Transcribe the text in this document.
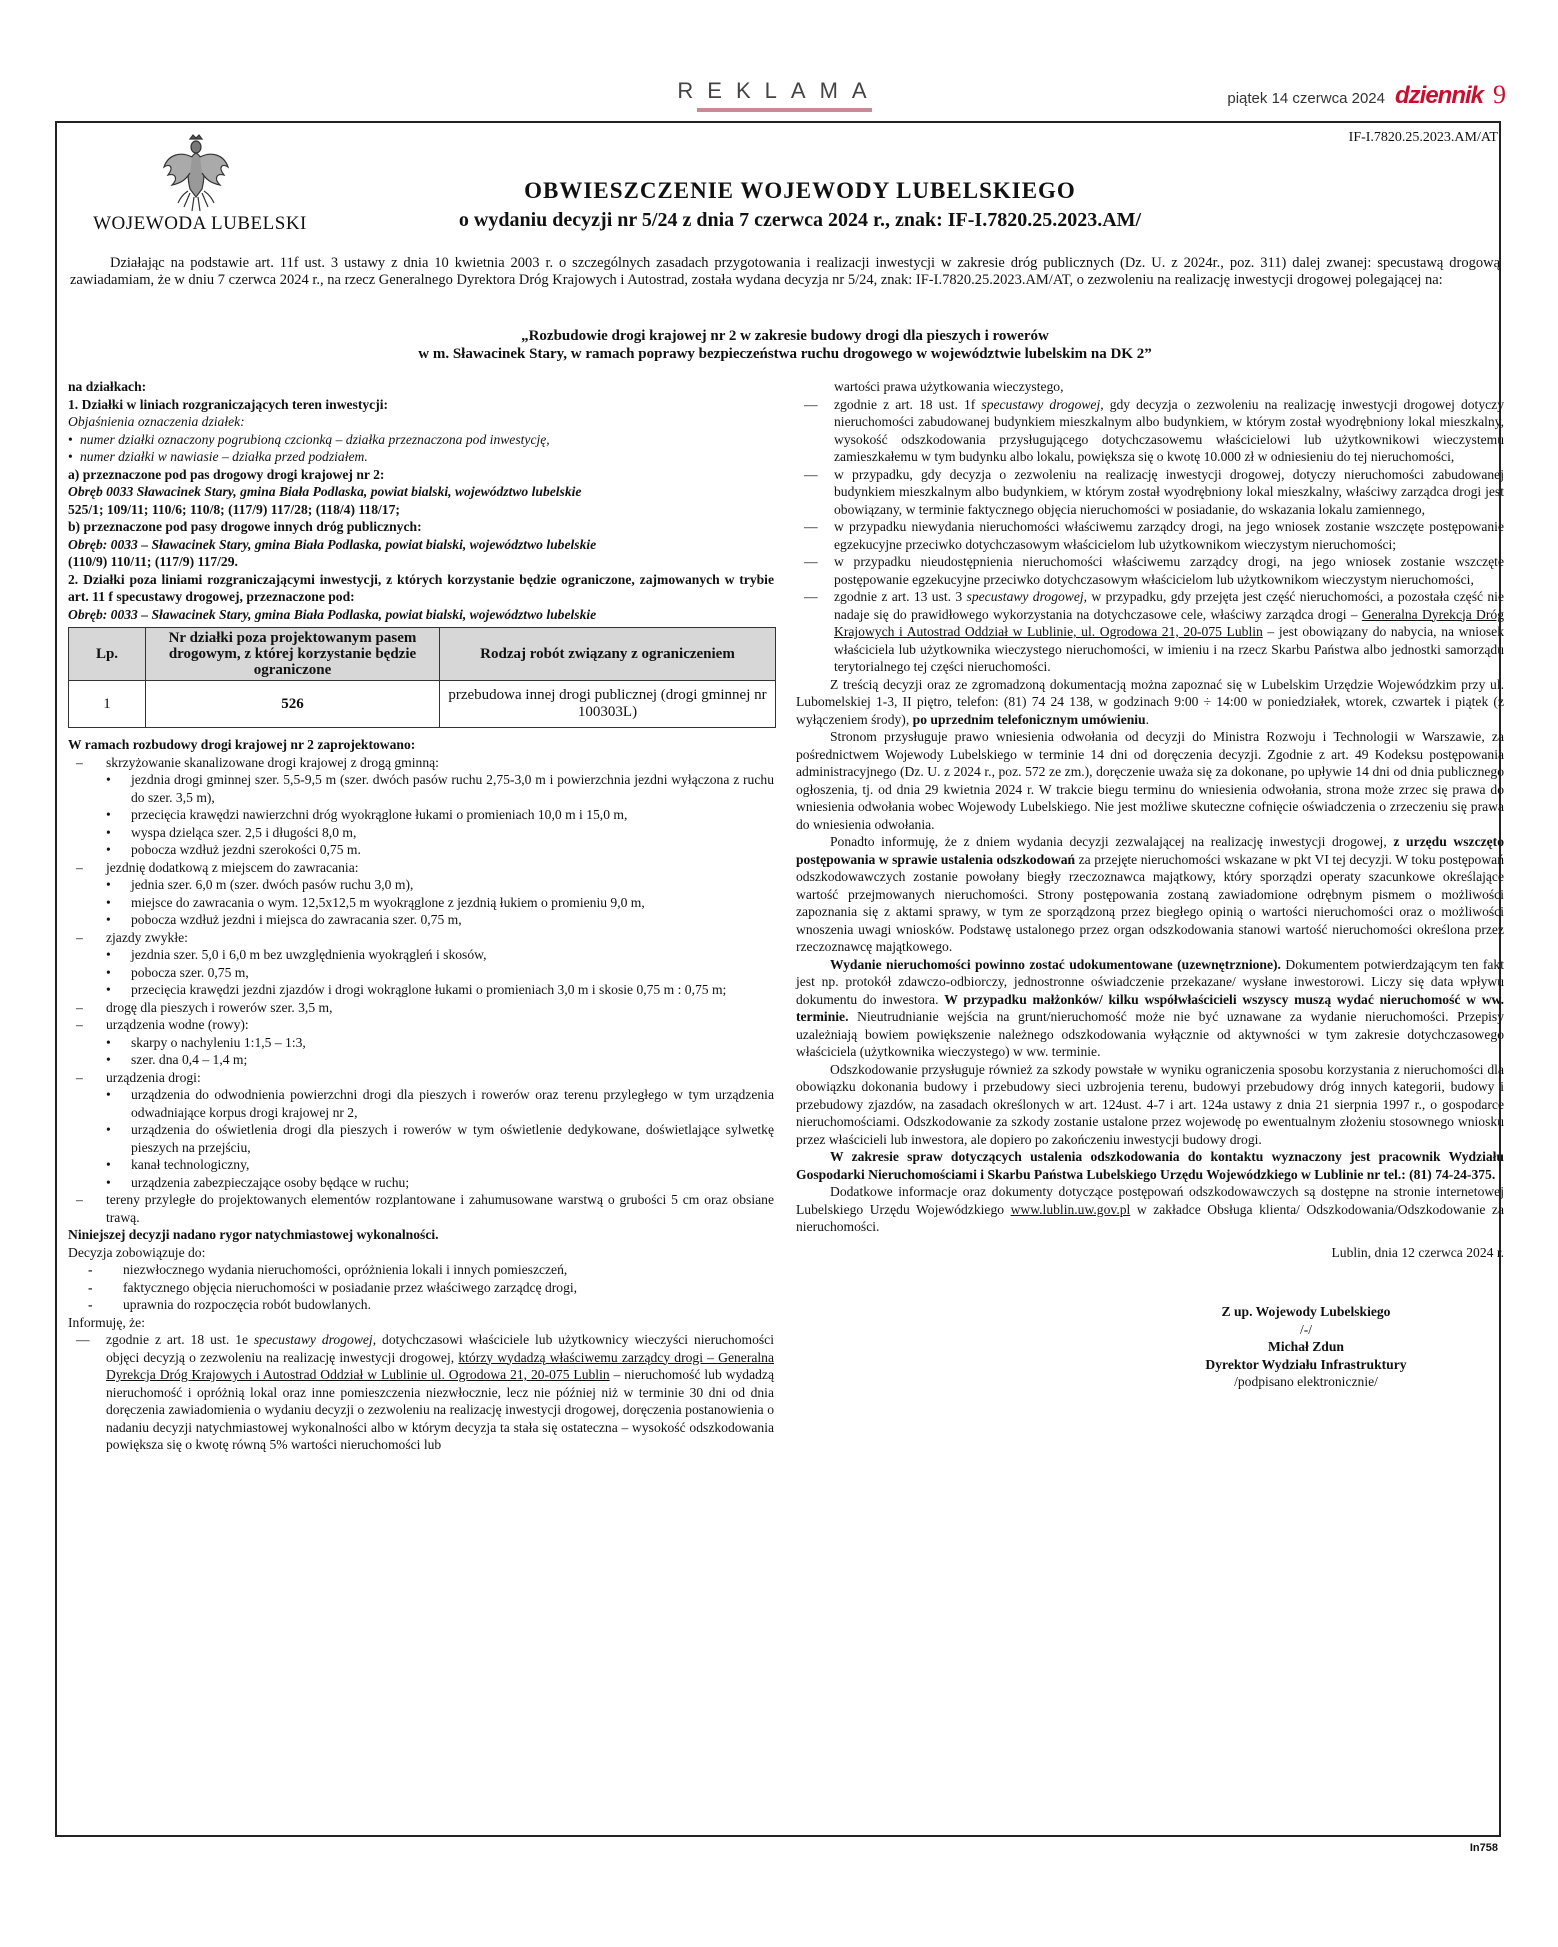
REKLAMA	piątek 14 czerwca 2024 dziennik 9
IF-I.7820.25.2023.AM/AT
WOJEWODA LUBELSKI
OBWIESZCZENIE WOJEWODY LUBELSKIEGO
o wydaniu decyzji nr 5/24 z dnia 7 czerwca 2024 r., znak: IF-I.7820.25.2023.AM/
Działając na podstawie art. 11f ust. 3 ustawy z dnia 10 kwietnia 2003 r. o szczególnych zasadach przygotowania i realizacji inwestycji w zakresie dróg publicznych (Dz. U. z 2024r., poz. 311) dalej zwanej: specustawą drogową zawiadamiam, że w dniu 7 czerwca 2024 r., na rzecz Generalnego Dyrektora Dróg Krajowych i Autostrad, została wydana decyzja nr 5/24, znak: IF-I.7820.25.2023.AM/AT, o zezwoleniu na realizację inwestycji drogowej polegającej na:
„Rozbudowie drogi krajowej nr 2 w zakresie budowy drogi dla pieszych i rowerów
w m. Sławacinek Stary, w ramach poprawy bezpieczeństwa ruchu drogowego w województwie lubelskim na DK 2”

na działkach:

1. Działki w liniach rozgraniczających teren inwestycji:

Objaśnienia oznaczenia działek:

• numer działki oznaczony pogrubioną czcionką – działka przeznaczona pod inwestycję,
• numer działki w nawiasie – działka przed podziałem.

a) przeznaczone pod pas drogowy drogi krajowej nr 2:

Obręb 0033 Sławacinek Stary, gmina Biała Podlaska, powiat bialski, województwo lubelskie

525/1; 109/11; 110/6; 110/8; (117/9) 117/28; (118/4) 118/17;

b) przeznaczone pod pasy drogowe innych dróg publicznych:

Obręb: 0033 – Sławacinek Stary, gmina Biała Podlaska, powiat bialski, województwo lubelskie

(110/9) 110/11; (117/9) 117/29.

2. Działki poza liniami rozgraniczającymi inwestycji, z których korzystanie będzie ograniczone, zajmowanych w trybie art. 11 f specustawy drogowej, przeznaczone pod:

Obręb: 0033 – Sławacinek Stary, gmina Biała Podlaska, powiat bialski, województwo lubelskie

Lp.	Nr działki poza projektowanym pasem drogowym, z której korzystanie będzie ograniczone	Rodzaj robót związany z ograniczeniem
1	526	przebudowa innej drogi publicznej (drogi gminnej nr 100303L)

W ramach rozbudowy drogi krajowej nr 2 zaprojektowano:

–	skrzyżowanie skanalizowane drogi krajowej z drogą gminną:
•	jezdnia drogi gminnej szer. 5,5-9,5 m (szer. dwóch pasów ruchu 2,75-3,0 m i powierzchnia jezdni wyłączona z ruchu do szer. 3,5 m),
•	przecięcia krawędzi nawierzchni dróg wyokrąglone łukami o promieniach 10,0 m i 15,0 m,
•	wyspa dzieląca szer. 2,5 i długości 8,0 m,
•	pobocza wzdłuż jezdni szerokości 0,75 m.
–	jezdnię dodatkową z miejscem do zawracania:
•	jednia szer. 6,0 m (szer. dwóch pasów ruchu 3,0 m),
•	miejsce do zawracania o wym. 12,5x12,5 m wyokrąglone z jezdnią łukiem o promieniu 9,0 m,
•	pobocza wzdłuż jezdni i miejsca do zawracania szer. 0,75 m,
–	zjazdy zwykłe:
•	jezdnia szer. 5,0 i 6,0 m bez uwzględnienia wyokrągleń i skosów,
•	pobocza szer. 0,75 m,
•	przecięcia krawędzi jezdni zjazdów i drogi wokrąglone łukami o promieniach 3,0 m i skosie 0,75 m : 0,75 m;
–	drogę dla pieszych i rowerów szer. 3,5 m,
–	urządzenia wodne (rowy):
•	skarpy o nachyleniu 1:1,5 – 1:3,
•	szer. dna 0,4 – 1,4 m;
–	urządzenia drogi:
•	urządzenia do odwodnienia powierzchni drogi dla pieszych i rowerów oraz terenu przyległego w tym urządzenia odwadniające korpus drogi krajowej nr 2,
•	urządzenia do oświetlenia drogi dla pieszych i rowerów w tym oświetlenie dedykowane, doświetlające sylwetkę pieszych na przejściu,
•	kanał technologiczny,
•	urządzenia zabezpieczające osoby będące w ruchu;
–	tereny przyległe do projektowanych elementów rozplantowane i zahumusowane warstwą o grubości 5 cm oraz obsiane trawą.

Niniejszej decyzji nadano rygor natychmiastowej wykonalności.

Decyzja zobowiązuje do:

-	niezwłocznego wydania nieruchomości, opróżnienia lokali i innych pomieszczeń,
-	faktycznego objęcia nieruchomości w posiadanie przez właściwego zarządcę drogi,
-	uprawnia do rozpoczęcia robót budowlanych.

Informuję, że:

—	zgodnie z art. 18 ust. 1e specustawy drogowej, dotychczasowi właściciele lub użytkownicy wieczyści nieruchomości objęci decyzją o zezwoleniu na realizację inwestycji drogowej, którzy wydadzą właściwemu zarządcy drogi – Generalna Dyrekcja Dróg Krajowych i Autostrad Oddział w Lublinie ul. Ogrodowa 21, 20-075 Lublin – nieruchomość lub wydadzą nieruchomość i opróżnią lokal oraz inne pomieszczenia niezwłocznie, lecz nie później niż w terminie 30 dni od dnia doręczenia zawiadomienia o wydaniu decyzji o zezwoleniu na realizację inwestycji drogowej, doręczenia postanowienia o nadaniu decyzji natychmiastowej wykonalności albo w którym decyzja ta stała się ostateczna – wysokość odszkodowania powiększa się o kwotę równą 5% wartości nieruchomości lub

wartości prawa użytkowania wieczystego,

—	zgodnie z art. 18 ust. 1f specustawy drogowej, gdy decyzja o zezwoleniu na realizację inwestycji drogowej dotyczy nieruchomości zabudowanej budynkiem mieszkalnym albo budynkiem, w którym został wyodrębniony lokal mieszkalny, wysokość odszkodowania przysługującego dotychczasowemu właścicielowi lub użytkownikowi wieczystemu zamieszkałemu w tym budynku albo lokalu, powiększa się o kwotę 10.000 zł w odniesieniu do tej nieruchomości,
—	w przypadku, gdy decyzja o zezwoleniu na realizację inwestycji drogowej, dotyczy nieruchomości zabudowanej budynkiem mieszkalnym albo budynkiem, w którym został wyodrębniony lokal mieszkalny, właściwy zarządca drogi jest obowiązany, w terminie faktycznego objęcia nieruchomości w posiadanie, do wskazania lokalu zamiennego,
—	w przypadku niewydania nieruchomości właściwemu zarządcy drogi, na jego wniosek zostanie wszczęte postępowanie egzekucyjne przeciwko dotychczasowym właścicielom lub użytkownikom wieczystym nieruchomości;
—	w przypadku nieudostępnienia nieruchomości właściwemu zarządcy drogi, na jego wniosek zostanie wszczęte postępowanie egzekucyjne przeciwko dotychczasowym właścicielom lub użytkownikom wieczystym nieruchomości,
—	zgodnie z art. 13 ust. 3 specustawy drogowej, w przypadku, gdy przejęta jest część nieruchomości, a pozostała część nie nadaje się do prawidłowego wykorzystania na dotychczasowe cele, właściwy zarządca drogi – Generalna Dyrekcja Dróg Krajowych i Autostrad Oddział w Lublinie, ul. Ogrodowa 21, 20-075 Lublin – jest obowiązany do nabycia, na wniosek właściciela lub użytkownika wieczystego nieruchomości, w imieniu i na rzecz Skarbu Państwa albo jednostki samorządu terytorialnego tej części nieruchomości.

Z treścią decyzji oraz ze zgromadzoną dokumentacją można zapoznać się w Lubelskim Urzędzie Wojewódzkim przy ul. Lubomelskiej 1-3, II piętro, telefon: (81) 74 24 138, w godzinach 9:00 ÷ 14:00 w poniedziałek, wtorek, czwartek i piątek (z wyłączeniem środy), po uprzednim telefonicznym umówieniu.

Stronom przysługuje prawo wniesienia odwołania od decyzji do Ministra Rozwoju i Technologii w Warszawie, za pośrednictwem Wojewody Lubelskiego w terminie 14 dni od doręczenia decyzji. Zgodnie z art. 49 Kodeksu postępowania administracyjnego (Dz. U. z 2024 r., poz. 572 ze zm.), doręczenie uważa się za dokonane, po upływie 14 dni od dnia publicznego ogłoszenia, tj. od dnia 29 kwietnia 2024 r. W trakcie biegu terminu do wniesienia odwołania, strona może zrzec się prawa do wniesienia odwołania wobec Wojewody Lubelskiego. Nie jest możliwe skuteczne cofnięcie oświadczenia o zrzeczeniu się prawa do wniesienia odwołania.

Ponadto informuję, że z dniem wydania decyzji zezwalającej na realizację inwestycji drogowej, z urzędu wszczęto postępowania w sprawie ustalenia odszkodowań za przejęte nieruchomości wskazane w pkt VI tej decyzji. W toku postępowań odszkodowawczych zostanie powołany biegły rzeczoznawca majątkowy, który sporządzi operaty szacunkowe określające wartość przejmowanych nieruchomości. Strony postępowania zostaną zawiadomione odrębnym pismem o możliwości zapoznania się z aktami sprawy, w tym ze sporządzoną przez biegłego opinią o wartości nieruchomości oraz o możliwości wnoszenia uwagi wniosków. Podstawę ustalonego przez organ odszkodowania stanowi wartość nieruchomości określona przez rzeczoznawcę majątkowego.

Wydanie nieruchomości powinno zostać udokumentowane (uzewnętrznione). Dokumentem potwierdzającym ten fakt jest np. protokół zdawczo-odbiorczy, jednostronne oświadczenie przekazane/ wysłane inwestorowi. Liczy się data wpływu dokumentu do inwestora. W przypadku małżonków/ kilku współwłaścicieli wszyscy muszą wydać nieruchomość w ww. terminie. Nieutrudnianie wejścia na grunt/nieruchomość może nie być uznawane za wydanie nieruchomości. Przepisy uzależniają bowiem powiększenie należnego odszkodowania wyłącznie od aktywności w tym zakresie dotychczasowego właściciela (użytkownika wieczystego) w ww. terminie.

Odszkodowanie przysługuje również za szkody powstałe w wyniku ograniczenia sposobu korzystania z nieruchomości dla obowiązku dokonania budowy i przebudowy sieci uzbrojenia terenu, budowyi przebudowy dróg innych kategorii, budowy i przebudowy zjazdów, na zasadach określonych w art. 124ust. 4-7 i art. 124a ustawy z dnia 21 sierpnia 1997 r., o gospodarce nieruchomościami. Odszkodowanie za szkody zostanie ustalone przez wojewodę po ewentualnym złożeniu stosownego wniosku przez właścicieli lub inwestora, ale dopiero po zakończeniu inwestycji budowy drogi.

W zakresie spraw dotyczących ustalenia odszkodowania do kontaktu wyznaczony jest pracownik Wydziału Gospodarki Nieruchomościami i Skarbu Państwa Lubelskiego Urzędu Wojewódzkiego w Lublinie nr tel.: (81) 74-24-375.

Dodatkowe informacje oraz dokumenty dotyczące postępowań odszkodowawczych są dostępne na stronie internetowej Lubelskiego Urzędu Wojewódzkiego www.lublin.uw.gov.pl w zakładce Obsługa klienta/ Odszkodowania/Odszkodowanie za nieruchomości.

Lublin, dnia 12 czerwca 2024 r.

Z up. Wojewody Lubelskiego
/-/
Michał Zdun
Dyrektor Wydziału Infrastruktury
/podpisano elektronicznie/
In758
